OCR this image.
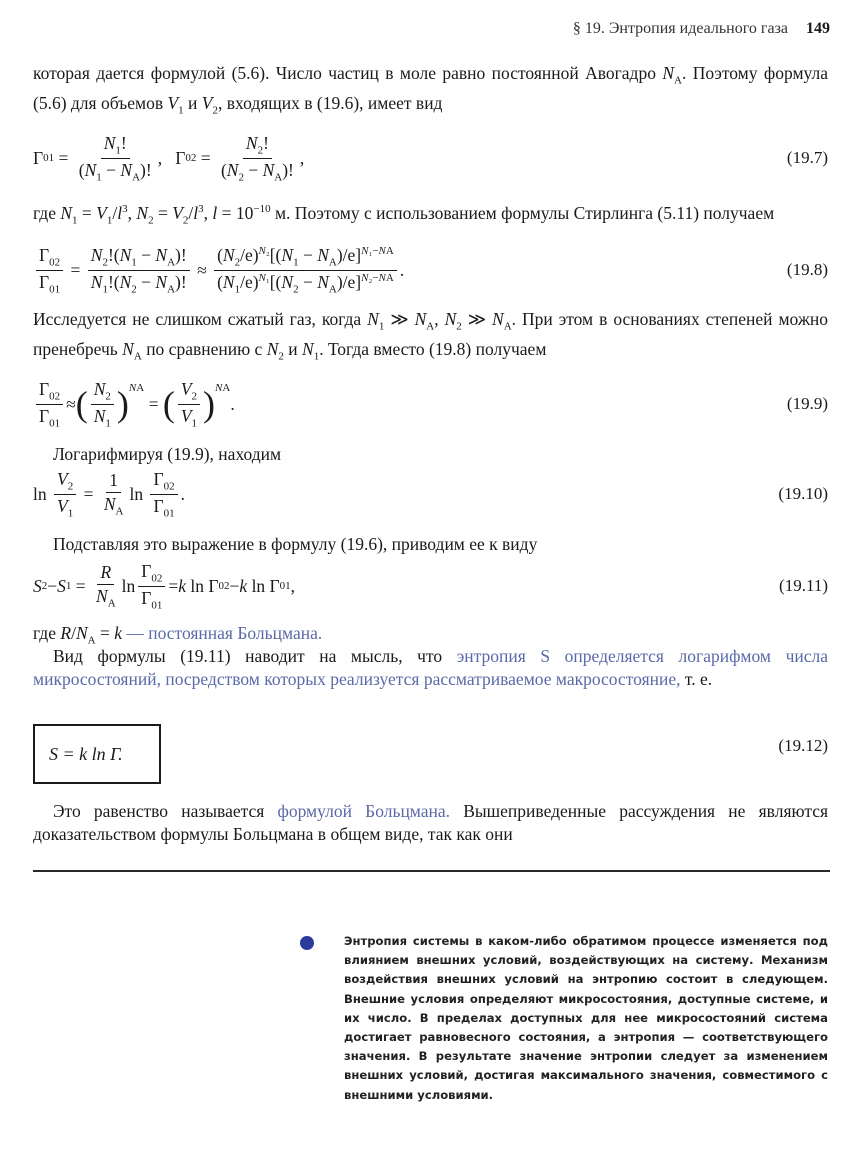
§ 19. Энтропия идеального газа 149
которая дается формулой (5.6). Число частиц в моле равно постоянной Авогадро $N_A$. Поэтому формула (5.6) для объемов $V_1$ и $V_2$, входящих в (19.6), имеет вид
Γ $01 = \frac{N_1!}{(N_1 - N_A)!}$ ,   Γ $02 = \frac{N_2!}{(N_2 - N_A)!}$ ,	(19.7)
где $N_1 = V_1/l^3$, $N_2 = V_2/l^3$, $l = 10^{-10}$ м. Поэтому с использованием формулы Стирлинга (5.11) получаем
$\frac{\Gamma_{02}}{\Gamma_{01}} = \frac{N_2!(N_1 - N_A)!}{N_1!(N_2 - N_A)!} \approx \frac{(N_2/e)^{N_2}[(N_1 - N_A)/e]^{N_1-NA}}{(N_1/e)^{N_1}[(N_2 - N_A)/e]^{N_2-NA}}$ .	(19.8)
Исследуется не слишком сжатый газ, когда $N_1$ ≫ $N_A$, $N_2$ ≫ $N_A$. При этом в основаниях степеней можно пренебречь $N_A$ по сравнению с $N_2$ и $N_1$. Тогда вместо (19.8) получаем
$\frac{\Gamma_{02}}{\Gamma_{01}}$ ≈ ( $\frac{N_2}{N_1}$ ) $^{NA}$
= ( $\frac{V_2}{V_1}$ ) $^{NA}$
.	(19.9)
Логарифмируя (19.9), находим
$\ln \frac{V_2}{V_1} = \frac{1}{N_A}$ $\ln \frac{\Gamma_{02}}{\Gamma_{01}}$ .	(19.10)
Подставляя это выражение в формулу (19.6), приводим ее к виду
S 2 − S $1 = \frac{R}{N_A}$ $\ln \frac{\Gamma_{02}}{\Gamma_{01}} = k$ ln Γ 02 − k ln Γ 01 ,	(19.11)
где $R/N_A = k$ — постоянная Больцмана.
Вид формулы (19.11) наводит на мысль, что энтропия S определяется логарифмом числа микросостояний, посредством которых реализуется рассматриваемое макросостояние, т. е.
S = k ln Γ.	(19.12)
Это равенство называется формулой Больцмана. Вышеприведенные рассуждения не являются доказательством формулы Больцмана в общем виде, так как они
Энтропия системы в каком-либо обратимом процессе изменяется под влиянием внешних условий, воздействующих на систему. Механизм воздействия внешних условий на энтропию состоит в следующем. Внешние условия определяют микросостояния, доступные системе, и их число. В пределах доступных для нее микросостояний система достигает равновесного состояния, а энтропия — соответствующего значения. В результате значение энтропии следует за изменением внешних условий, достигая максимального значения, совместимого с внешними условиями.
